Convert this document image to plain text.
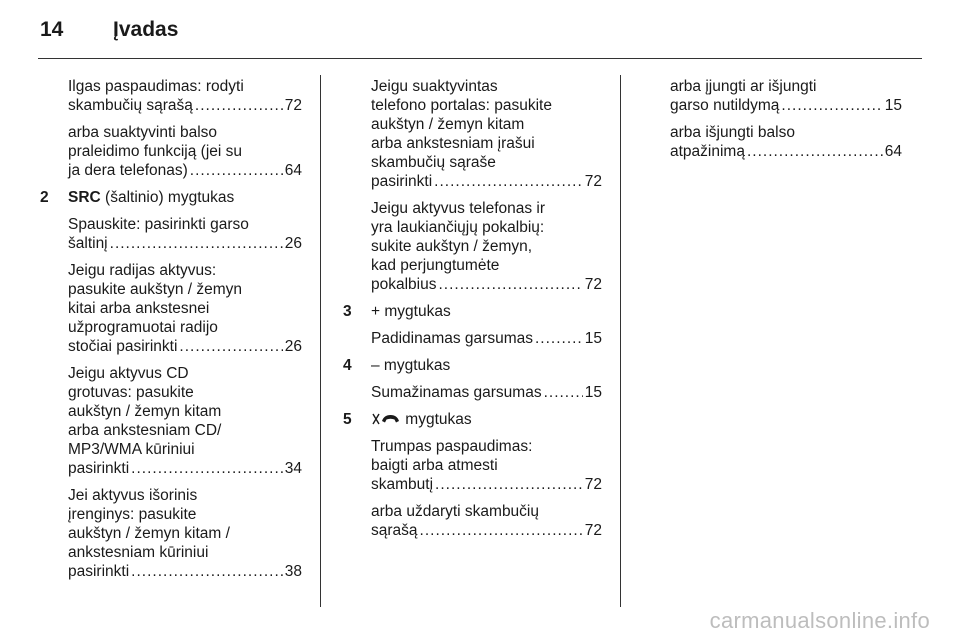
14 Įvadas
Ilgas paspaudimas: rodyti
skambučių sąrašą .....	72
arba suaktyvinti balso
praleidimo funkciją (jei su
ja dera telefonas) .....	64
2 SRC (šaltinio) mygtukas
Spauskite: pasirinkti garso
šaltinį .....	26
Jeigu radijas aktyvus:
pasukite aukštyn / žemyn
kitai arba ankstesnei
užprogramuotai radijo
stočiai pasirinkti .....	26
Jeigu aktyvus CD
grotuvas: pasukite
aukštyn / žemyn kitam
arba ankstesniam CD/
MP3/WMA kūriniui
pasirinkti .....	34
Jei aktyvus išorinis
įrenginys: pasukite
aukštyn / žemyn kitam /
ankstesniam kūriniui
pasirinkti .....	38
Jeigu suaktyvintas
telefono portalas: pasukite
aukštyn / žemyn kitam
arba ankstesniam įrašui
skambučių sąraše
pasirinkti .....	72
Jeigu aktyvus telefonas ir
yra laukiančiųjų pokalbių:
sukite aukštyn / žemyn,
kad perjungtumėte
pokalbius .....	72
3 + mygtukas
Padidinamas garsumas .....	15
4 – mygtukas
Sumažinamas garsumas .....	15
5	mygtukas
Trumpas paspaudimas:
baigti arba atmesti
skambutį .....	72
arba uždaryti skambučių
sąrašą .....	72
arba įjungti ar išjungti
garso nutildymą .....	15
arba išjungti balso
atpažinimą .....	64
carmanualsonline.info
